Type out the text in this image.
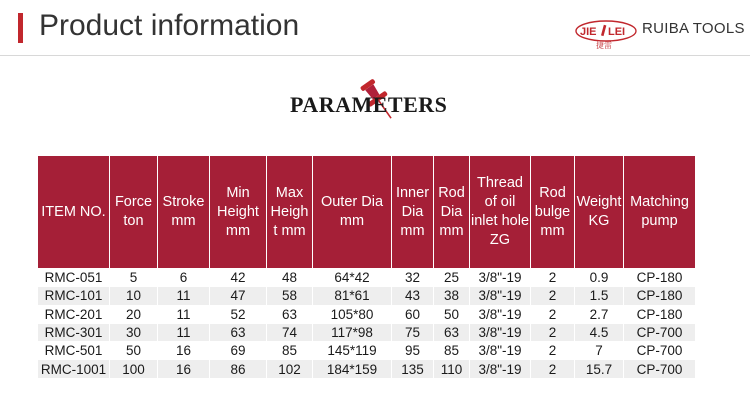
Product information	JIE LEI
捷雷
RUIBA TOOLS
PARAMETERS
ITEM NO.	Force ton	Stroke mm	Min Height mm	Max Heigh t mm	Outer Dia mm	Inner Dia mm	Rod Dia mm	Thread of oil inlet hole ZG	Rod bulge mm	Weight KG	Matching pump
RMC-051	5	6	42	48	64*42	32	25	3/8"-19	2	0.9	CP-180
RMC-101	10	11	47	58	81*61	43	38	3/8"-19	2	1.5	CP-180
RMC-201	20	11	52	63	105*80	60	50	3/8"-19	2	2.7	CP-180
RMC-301	30	11	63	74	117*98	75	63	3/8"-19	2	4.5	CP-700
RMC-501	50	16	69	85	145*119	95	85	3/8"-19	2	7	CP-700
RMC-1001	100	16	86	102	184*159	135	110	3/8"-19	2	15.7	CP-700
